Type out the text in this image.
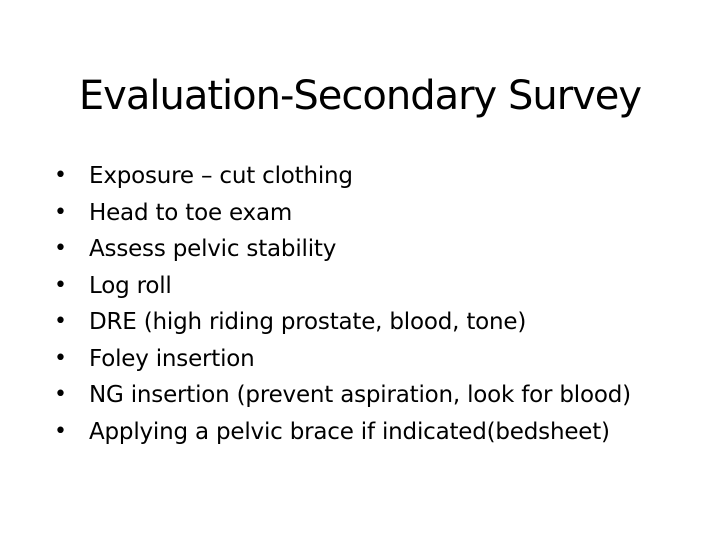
Evaluation-Secondary Survey
• Exposure – cut clothing
• Head to toe exam
• Assess pelvic stability
• Log roll
• DRE (high riding prostate, blood, tone)
• Foley insertion
• NG insertion (prevent aspiration, look for blood)
• Applying a pelvic brace if indicated(bedsheet)
